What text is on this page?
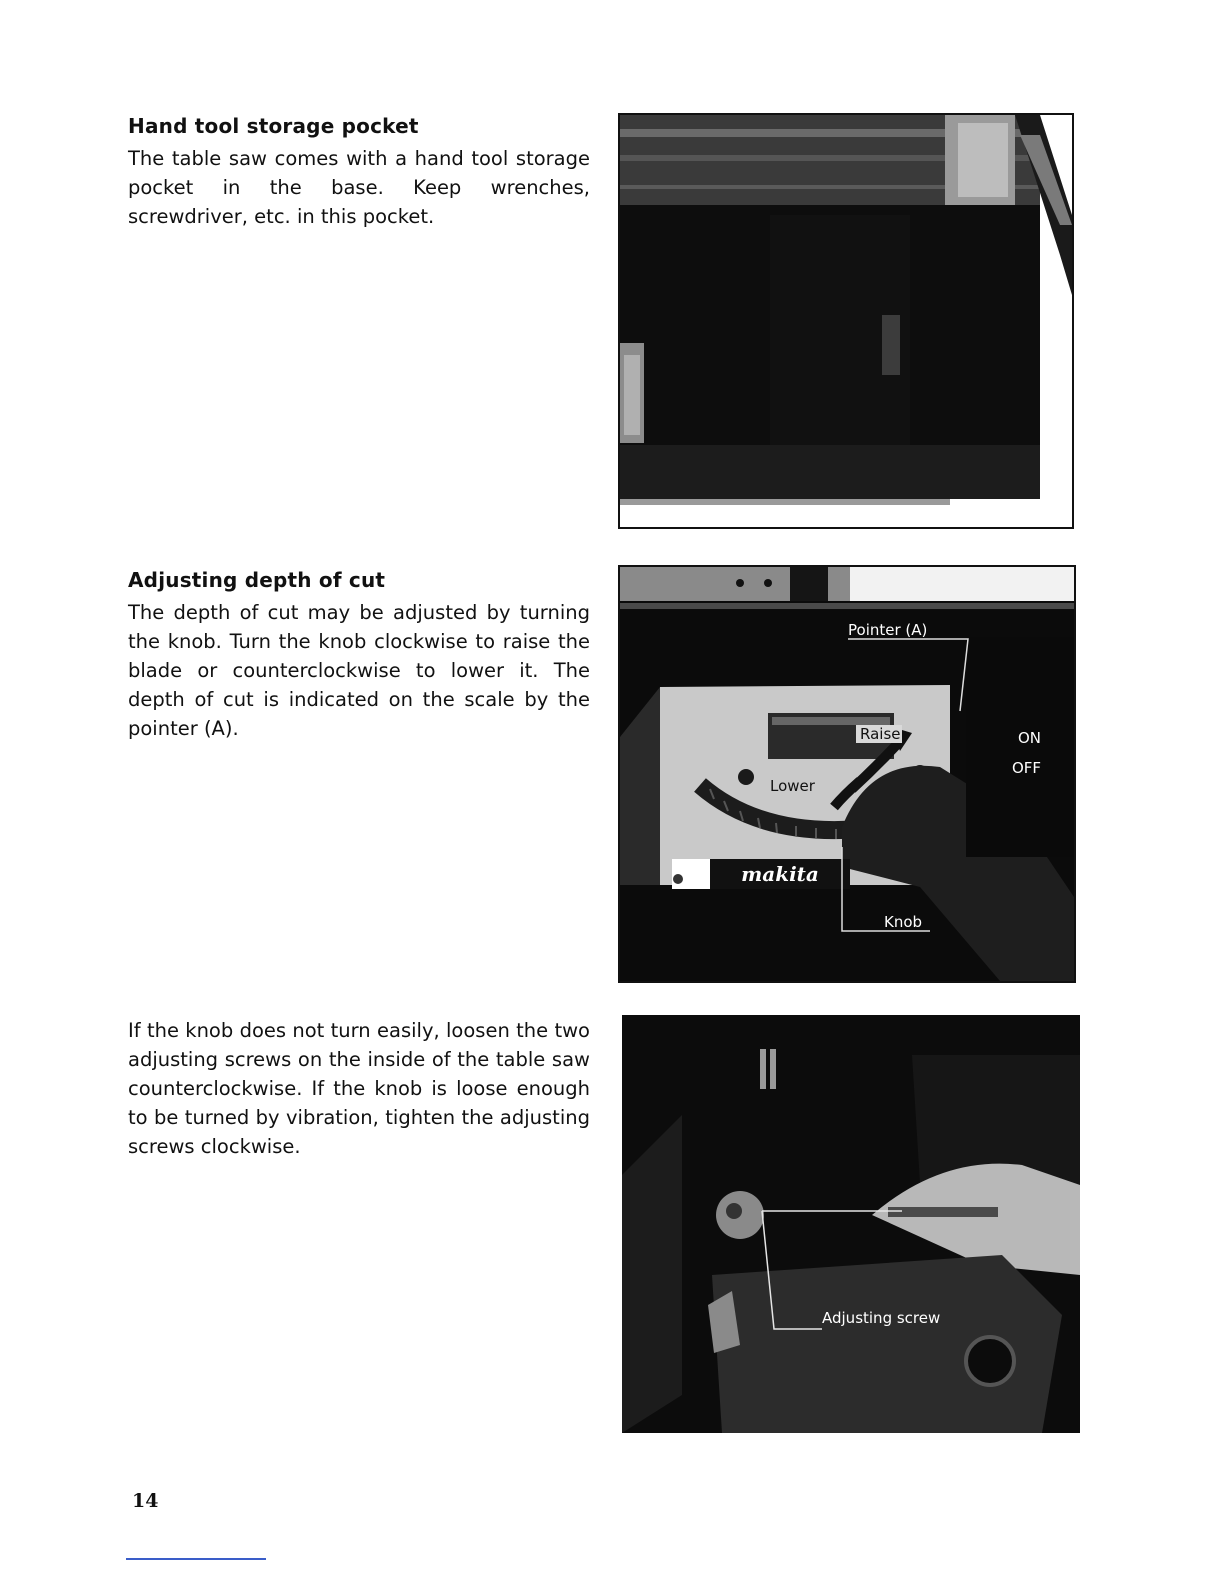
Hand tool storage pocket

The table saw comes with a hand tool storage pocket in the base. Keep wrenches, screwdriver, etc. in this pocket.

Adjusting depth of cut

The depth of cut may be adjusted by turning the knob. Turn the knob clockwise to raise the blade or counterclockwise to lower it. The depth of cut is indicated on the scale by the pointer (A).

makita
ON
OFF
Pointer (A)
Raise
Lower
Knob

If the knob does not turn easily, loosen the two adjusting screws on the inside of the table saw counterclockwise. If the knob is loose enough to be turned by vibration, tighten the adjusting screws clockwise.

Adjusting screw
14
